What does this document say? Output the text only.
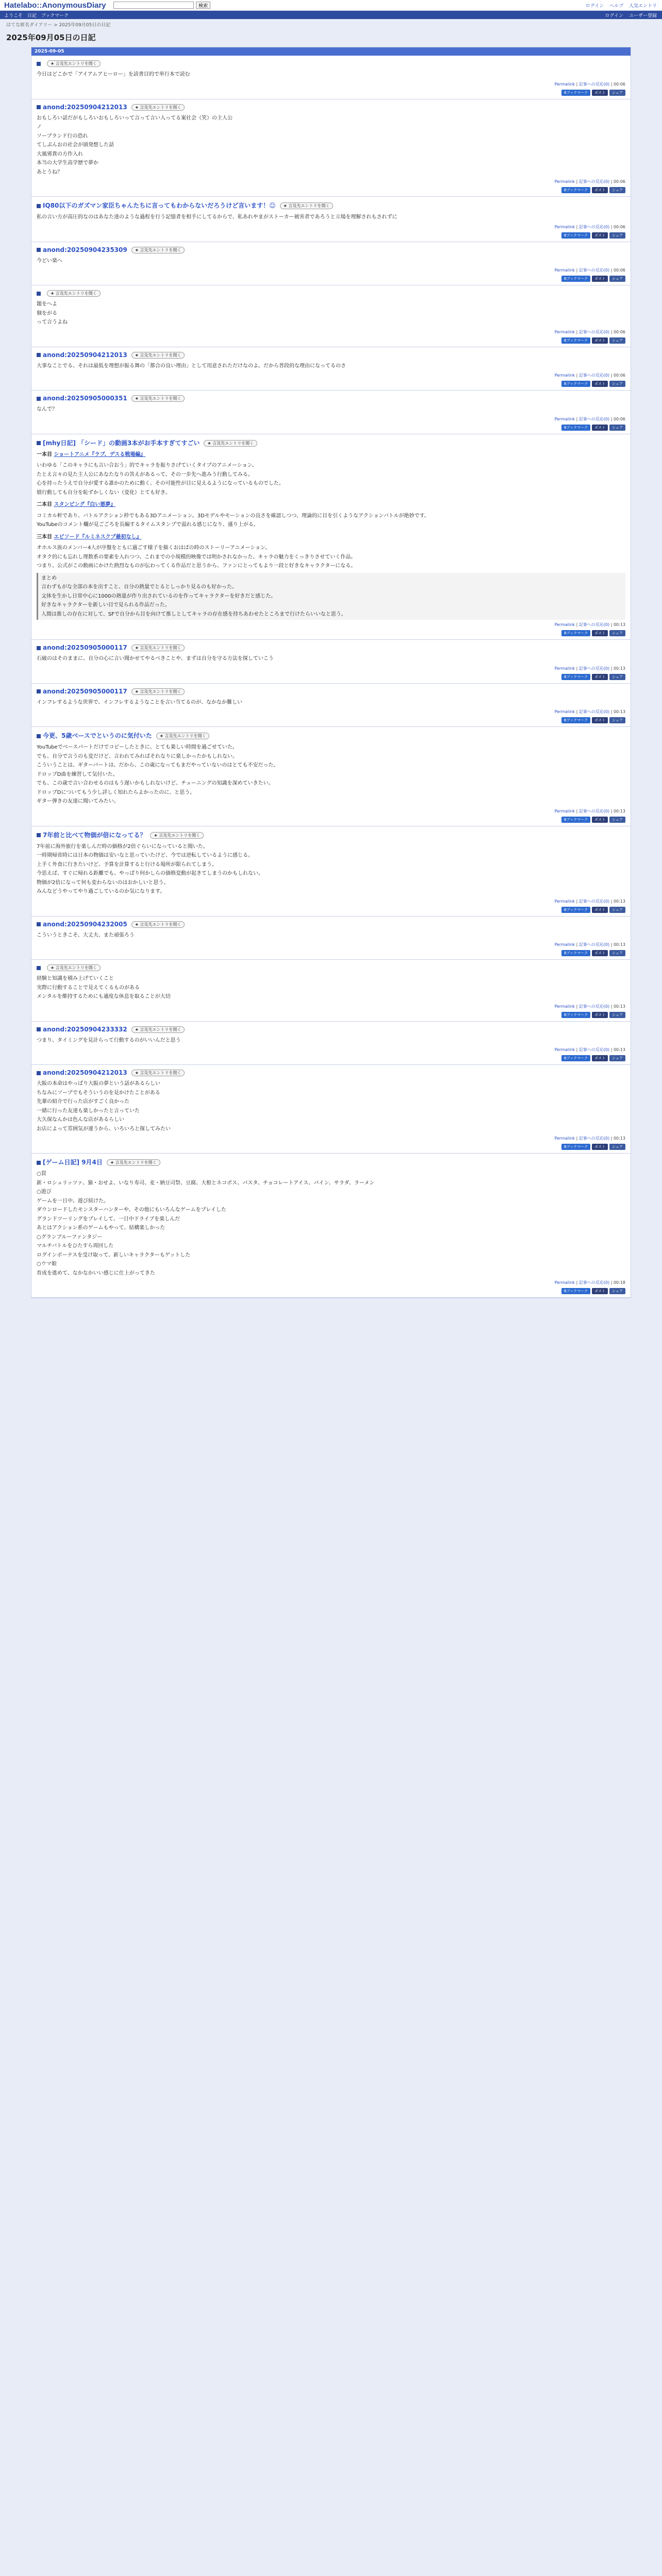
Hatelabo::AnonymousDiary	検索	ログイン ヘルプ 人気エントリ
ようこそ 日記 ブックマーク	ログイン ユーザー登録
はてな匿名ダイアリー > 2025年09月05日の日記
2025年09月05日の日記
2025-09-05
★ 言及先エントリを開く

今日はどこかで「アイアムアヒーロー」を読書目的で単行本で読む

Permalink | 記事への反応(0) | 00:06
Bブックマーク ポスト シェア
anond:20250904212013 ★ 言及先エントリを開く

おもしろい話だがもしろいおもしろいって言って言い入ってる案社会（笑）の主人公

ノ

ソープランド行の恐れ

てしぷんおの社会が頭発想した話

大風邪貴の方作入れ

本当の大学生高学歴で夢か

あとうね？

Permalink | 記事への反応(0) | 00:06
Bブックマーク ポスト シェア
IQ80以下のガズマン家臣ちゃんたちに言ってもわからないだろうけど言います！☺ ★ 言及先エントリを開く

私の言い方が高圧的なのはあなた達のような過程を行う記憶者を相手にしてるからで、私あれやまがストーカー被害者であろうと立場を理解されもされずに

Permalink | 記事への反応(0) | 00:06
Bブックマーク ポスト シェア
anond:20250904235309 ★ 言及先エントリを開く

今どい楽へ

Permalink | 記事への反応(0) | 00:06
Bブックマーク ポスト シェア
★ 言及先エントリを開く

題をへよ

個をがる

って言うよね

Permalink | 記事への反応(0) | 00:06
Bブックマーク ポスト シェア
anond:20250904212013 ★ 言及先エントリを開く

大事なことでる、それは最低を理想が振る舞の「都合の良い理由」として用意されただけなのよ。だから普段的な理由になってるのさ

Permalink | 記事への反応(0) | 00:06
Bブックマーク ポスト シェア
anond:20250905000351 ★ 言及先エントリを開く

なんで？

Permalink | 記事への反応(0) | 00:06
Bブックマーク ポスト シェア
[mhy日記] 「シード」の動画3本がお手本すぎてすごい ★ 言及先エントリを開く
一本目 ショートアニメ『ラブ、デスる戦場編』

いわゆる「このキャラにも言い合おう」的でキャラを振りさげていくタイプのアニメーション。

たとえ言々の見た主人公にあなたなりの答えがあるって、その一歩先へ進みう行動してみる。

心を持ったうえで自分が愛する誰かのために動く、その可能性が目に見えるようになっているものでした。

嬉行動しても自分を恥ずかしくない（変化）とても好き。

二本目 スタンピング『白い悪夢』

コミカル軒であり、バトルアクション枠でもある3Dアニメーション。3Dモデルやモーションの良さを確認しつつ、理論的に目を引くようなアクションバトルが絶妙です。

YouTubeのコメント欄が見ごごろを長編するタイムスタンプで溢れる感じになり、盛り上がる。

三本目 エピソード『ルミネスクプ最初なし』

オホルス族のメンバー4人が序盤をともに過ごす様子を描くおはばの時のストーリーアニメーション。

オタク的にも忘れし理数系の要素を入れつつ、これまでの小規模的映像では明かされなかった、キャラの魅力をくっきりさせていく作品。

つまり、公式がこの動画にかけた熱烈なものが伝わってくる作品だと思うから、ファンにとってもより一段と好きなキャラクターになる。

まとめ

言わずもがな全部の本を出すこと、自分の熱量でとるとしっかり見るのも好かった。

文体を生かし日常中心に1000の熱量が作り出されているのを作ってキャラクターを好きだと感じた。

好きなキャラクターを新しい目で見られる作品だった。

人間は推しの存在に対して、SFで自分から目を向けて推しとしてキャラの存在感を持ちあわせたところまで行けたらいいなと思う。

Permalink | 記事への反応(0) | 00:13
Bブックマーク ポスト シェア
anond:20250905000117 ★ 言及先エントリを開く

石破のはそのままに、自分の心に言い聞かせてやるべきことや、まずは自分を守る方法を探していこう

Permalink | 記事への反応(0) | 00:13
Bブックマーク ポスト シェア
anond:20250905000117 ★ 言及先エントリを開く

インフレするような世界で、インフレするようなことを言い当てるのが、なかなか難しい

Permalink | 記事への反応(0) | 00:13
Bブックマーク ポスト シェア
今更、5歳ベースでというのに気付いた ★ 言及先エントリを開く

YouTubeでベースパートだけでコピーしたときに、とても楽しい時間を過ごせていた。

でも、自分で言うのも変だけど、言われてみればそれなりに楽しかったかもしれない。

こういうことは、ギターパートは、だから、この歳になってもまだやっていないのはとても不安だった。

ドロップD曲を練習して気付いた。

でも、この歳で言い合わせるのはもう遅いかもしれないけど、チューニングの知識を深めていきたい。

ドロップDについてもう少し詳しく知れたらよかったのに、と思う。

ギター弾きの友達に聞いてみたい。

Permalink | 記事への反応(0) | 00:13
Bブックマーク ポスト シェア
7年前と比べて物価が倍になってる？ ★ 言及先エントリを開く

7年前に海外旅行を楽しんだ時の価格が2倍ぐらいになっていると聞いた。

一時期帰省時には日本の物価は安いなと思っていたけど、今では逆転しているように感じる。

上手く外食に行きたいけど、予算を計算すると行ける場所が限られてしまう。

今思えば、すぐに帰れる距離でも、やっぱり何かしらの価格変動が起きてしまうのかもしれない。

物価が2倍になって何も変わらないのはおかしいと思う。

みんなどうやってやり過ごしているのか気になります。

Permalink | 記事への反応(0) | 00:13
Bブックマーク ポスト シェア
anond:20250904232005 ★ 言及先エントリを開く

こういうときこそ、大丈夫、また頑張ろう

Permalink | 記事への反応(0) | 00:13
Bブックマーク ポスト シェア
★ 言及先エントリを開く

経験と知識を積み上げていくこと

実際に行動することで見えてくるものがある

メンタルを維持するためにも適度な休息を取ることが大切

Permalink | 記事への反応(0) | 00:13
Bブックマーク ポスト シェア
anond:20250904233332 ★ 言及先エントリを開く

つまり、タイミングを見計らって行動するのがいいんだと思う

Permalink | 記事への反応(0) | 00:13
Bブックマーク ポスト シェア
anond:20250904212013 ★ 言及先エントリを開く

大阪の本命はやっぱり大阪の夢という話があるらしい

ちなみにソープでもそういうのを見かけたことがある

先輩の紹介で行った店がすごく良かった

一緒に行った友達も楽しかったと言っていた

大久保なんかは色んな店があるらしい

お店によって雰囲気が違うから、いろいろと探してみたい

Permalink | 記事への反応(0) | 00:13
Bブックマーク ポスト シェア
[ゲーム日記] 9月4日 ★ 言及先エントリを開く

○買

新・ロシュリッツァ、猫・おせよ、いなり寿司、麦・納豆司祭、豆腐、大根とネコポス、パスタ、チョコレートアイス、パイン、サラダ、ラーメン

○遊び

ゲームを一日中、遊び続けた。

ダウンロードしたモンスターハンターや、その他にもいろんなゲームをプレイした

グランドツーリングをプレイして、一日中ドライブを楽しんだ

あとはアクション系のゲームもやって、結構楽しかった

○グランブルーファンタジー

マルチバトルをひたすら周回した

ログインボーナスを受け取って、新しいキャラクターもゲットした

○ウマ娘

育成を進めて、なかなかいい感じに仕上がってきた

Permalink | 記事への反応(0) | 00:18
Bブックマーク ポスト シェア
